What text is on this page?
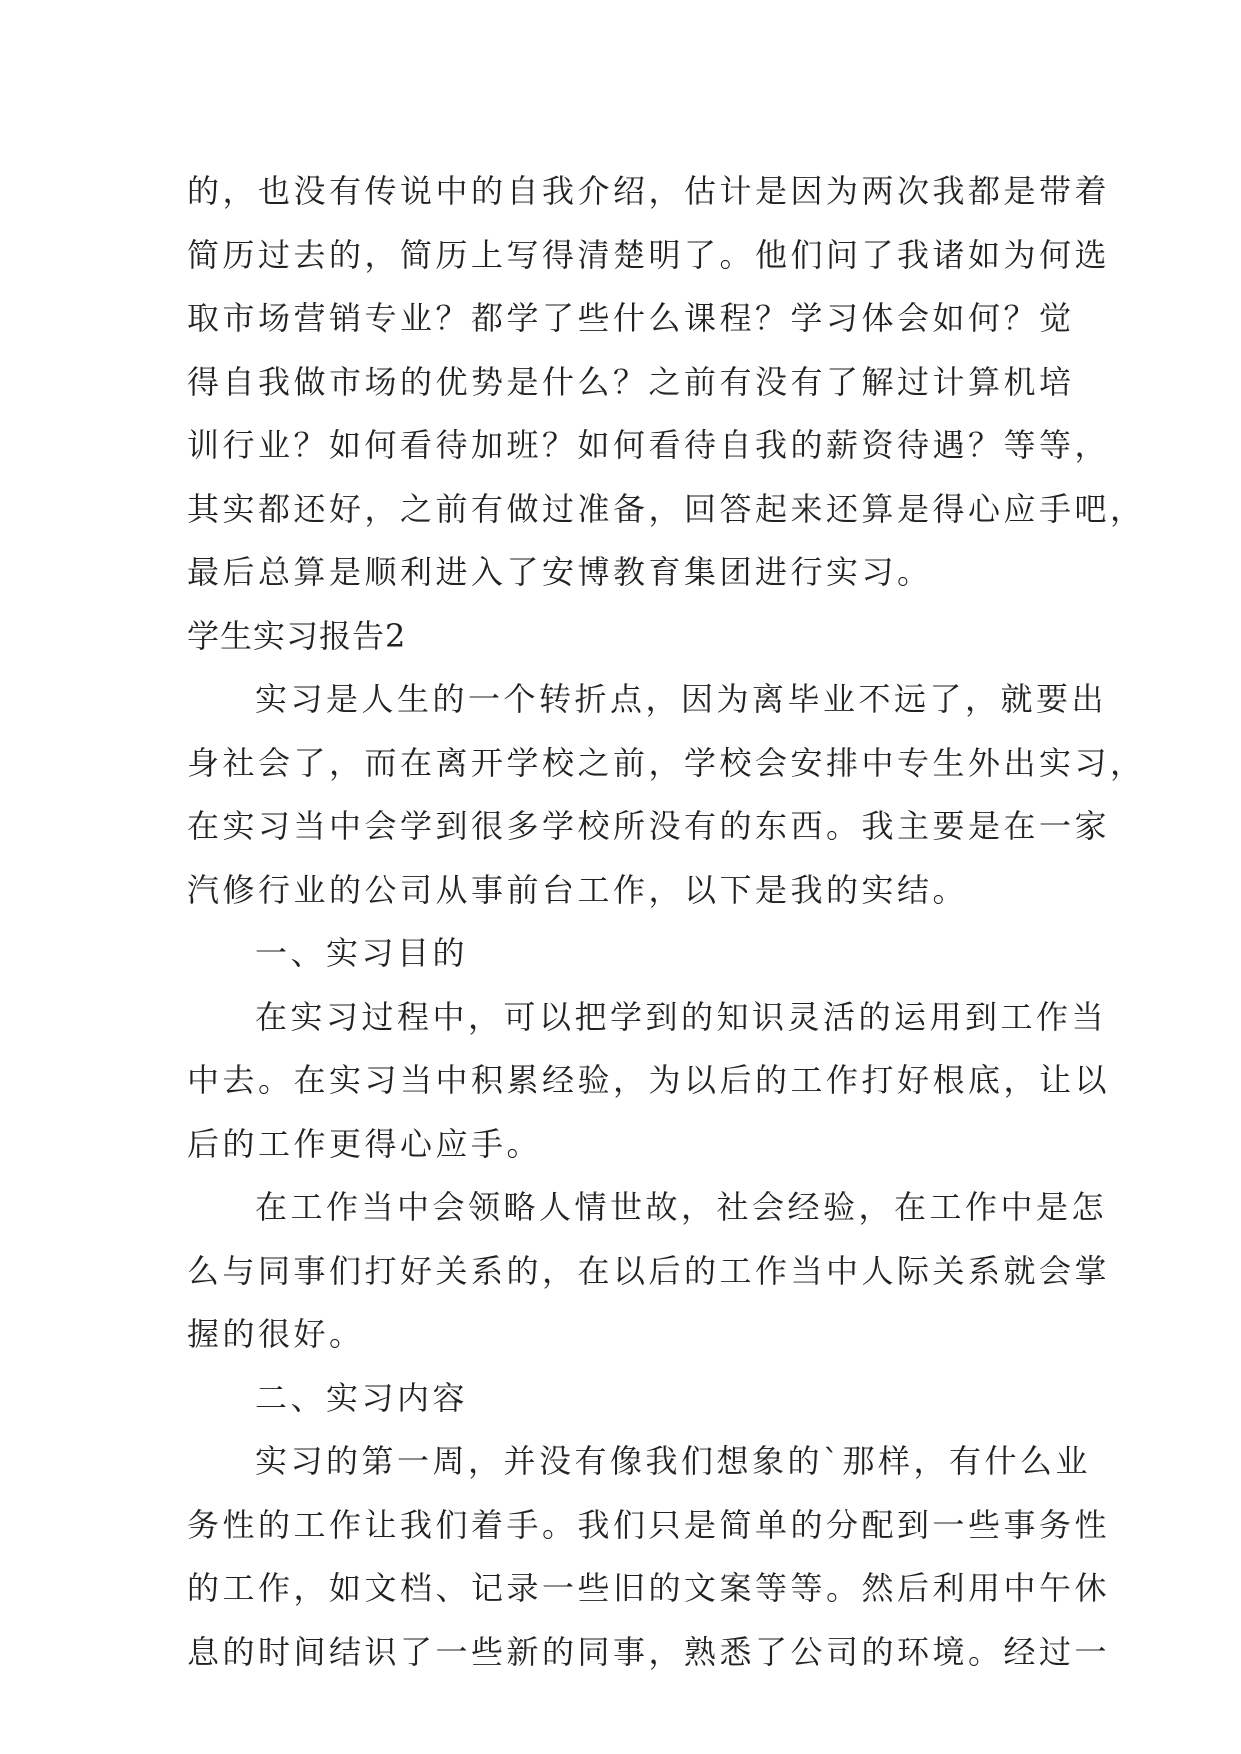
的，也没有传说中的自我介绍，估计是因为两次我都是带着
简历过去的，简历上写得清楚明了。他们问了我诸如为何选
取市场营销专业？都学了些什么课程？学习体会如何？觉
得自我做市场的优势是什么？之前有没有了解过计算机培
训行业？如何看待加班？如何看待自我的薪资待遇？等等，
其实都还好，之前有做过准备，回答起来还算是得心应手吧，
最后总算是顺利进入了安博教育集团进行实习。
学生实习报告2
实习是人生的一个转折点，因为离毕业不远了，就要出
身社会了，而在离开学校之前，学校会安排中专生外出实习，
在实习当中会学到很多学校所没有的东西。我主要是在一家
汽修行业的公司从事前台工作，以下是我的实结。
一、实习目的
在实习过程中，可以把学到的知识灵活的运用到工作当
中去。在实习当中积累经验，为以后的工作打好根底，让以
后的工作更得心应手。
在工作当中会领略人情世故，社会经验，在工作中是怎
么与同事们打好关系的，在以后的工作当中人际关系就会掌
握的很好。
二、实习内容
实习的第一周，并没有像我们想象的`那样，有什么业
务性的工作让我们着手。我们只是简单的分配到一些事务性
的工作，如文档、记录一些旧的文案等等。然后利用中午休
息的时间结识了一些新的同事，熟悉了公司的环境。经过一
